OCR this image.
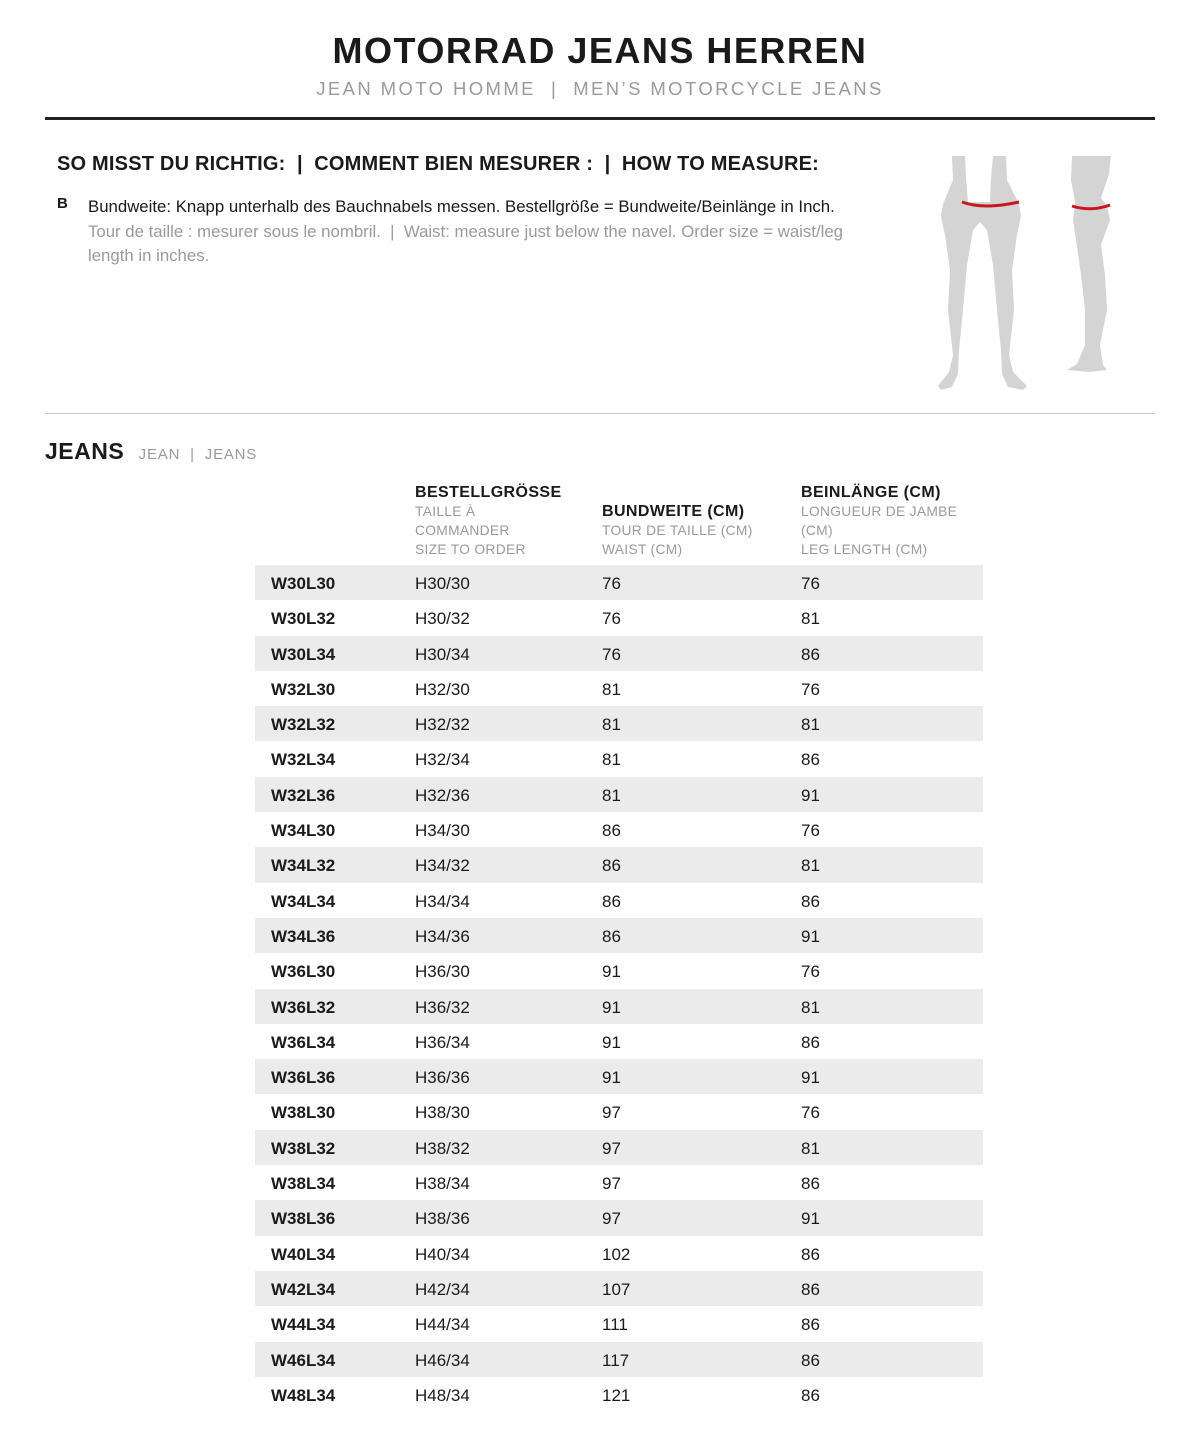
MOTORRAD JEANS HERREN
JEAN MOTO HOMME  |  MEN’S MOTORCYCLE JEANS
SO MISST DU RICHTIG:  |  COMMENT BIEN MESURER :  |  HOW TO MEASURE:
B Bundweite: Knapp unterhalb des Bauchnabels messen. Bestellgröße = Bundweite/Beinlänge in Inch.
Tour de taille : mesurer sous le nombril.  |  Waist: measure just below the navel. Order size = waist/leg length in inches.
JEANS JEAN  |  JEANS
BESTELLGRÖSSE
TAILLE À
COMMANDER
SIZE TO ORDER
BUNDWEITE (CM)
TOUR DE TAILLE (CM)
WAIST (CM)
BEINLÄNGE (CM)
LONGUEUR DE JAMBE
(CM)
LEG LENGTH (CM)
W30L30	H30/30	76	76
W30L32	H30/32	76	81
W30L34	H30/34	76	86
W32L30	H32/30	81	76
W32L32	H32/32	81	81
W32L34	H32/34	81	86
W32L36	H32/36	81	91
W34L30	H34/30	86	76
W34L32	H34/32	86	81
W34L34	H34/34	86	86
W34L36	H34/36	86	91
W36L30	H36/30	91	76
W36L32	H36/32	91	81
W36L34	H36/34	91	86
W36L36	H36/36	91	91
W38L30	H38/30	97	76
W38L32	H38/32	97	81
W38L34	H38/34	97	86
W38L36	H38/36	97	91
W40L34	H40/34	102	86
W42L34	H42/34	107	86
W44L34	H44/34	111	86
W46L34	H46/34	117	86
W48L34	H48/34	121	86
